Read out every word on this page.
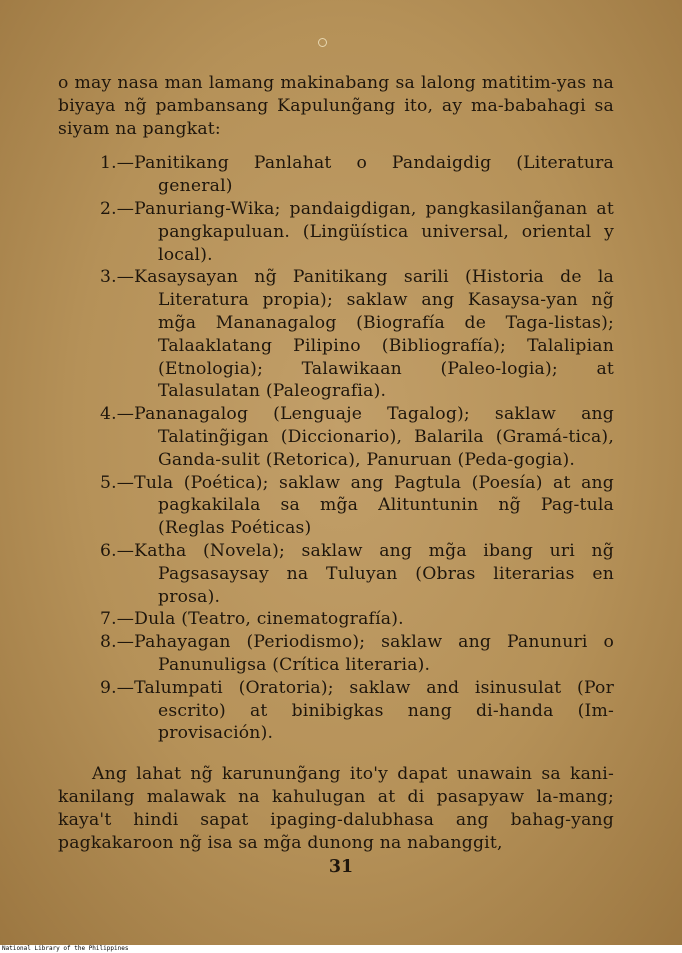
o may nasa man lamang makinabang sa lalong matitim-yas na biyaya ng̃ pambansang Kapulung̃ang ito, ay ma-babahagi sa siyam na pangkat:

1.—Panitikang Panlahat o Pandaigdig (Literatura general)
2.—Panuriang-Wika; pandaigdigan, pangkasilang̃anan at pangkapuluan. (Lingüística universal, oriental y local).
3.—Kasaysayan ng̃ Panitikang sarili (Historia de la Literatura propia); saklaw ang Kasaysa-yan ng̃ mg̃a Mananagalog (Biografía de Taga-listas); Talaaklatang Pilipino (Bibliografía); Talalipian (Etnologia); Talawikaan (Paleo-logia); at Talasulatan (Paleografia).
4.—Pananagalog (Lenguaje Tagalog); saklaw ang Talating̃igan (Diccionario), Balarila (Gramá-tica), Ganda-sulit (Retorica), Panuruan (Peda-gogia).
5.—Tula (Poética); saklaw ang Pagtula (Poesía) at ang pagkakilala sa mg̃a Alituntunin ng̃ Pag-tula (Reglas Poéticas)
6.—Katha (Novela); saklaw ang mg̃a ibang uri ng̃ Pagsasaysay na Tuluyan (Obras literarias en prosa).
7.—Dula (Teatro, cinematografía).
8.—Pahayagan (Periodismo); saklaw ang Panunuri o Panunuligsa (Crítica literaria).
9.—Talumpati (Oratoria); saklaw and isinusulat (Por escrito) at binibigkas nang di-handa (Im-provisación).

Ang lahat ng̃ karunung̃ang ito'y dapat unawain sa kani-kanilang malawak na kahulugan at di pasapyaw la-mang; kaya't hindi sapat ipaging-dalubhasa ang bahag-yang pagkakaroon ng̃ isa sa mg̃a dunong na nabanggit,

31
National Library of the Philippines
